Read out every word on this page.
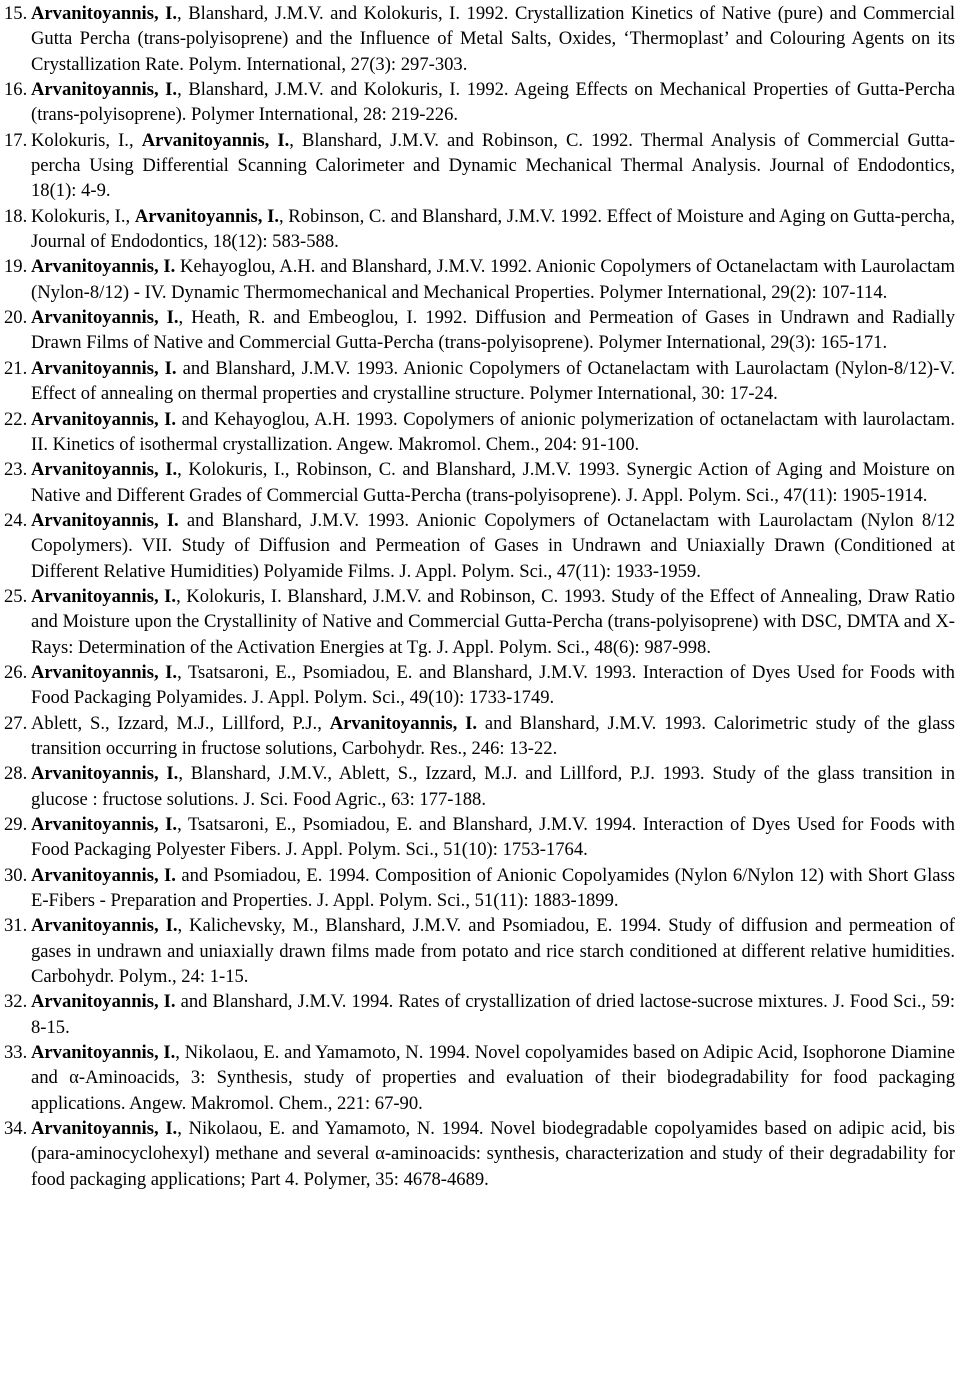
15. Arvanitoyannis, I., Blanshard, J.M.V. and Kolokuris, I. 1992. Crystallization Kinetics of Native (pure) and Commercial Gutta Percha (trans-polyisoprene) and the Influence of Metal Salts, Oxides, ‘Thermoplast’ and Colouring Agents on its Crystallization Rate. Polym. International, 27(3): 297-303.
16. Arvanitoyannis, I., Blanshard, J.M.V. and Kolokuris, I. 1992. Ageing Effects on Mechanical Properties of Gutta-Percha (trans-polyisoprene). Polymer International, 28: 219-226.
17. Kolokuris, I., Arvanitoyannis, I., Blanshard, J.M.V. and Robinson, C. 1992. Thermal Analysis of Commercial Gutta-percha Using Differential Scanning Calorimeter and Dynamic Mechanical Thermal Analysis. Journal of Endodontics, 18(1): 4-9.
18. Kolokuris, I., Arvanitoyannis, I., Robinson, C. and Blanshard, J.M.V. 1992. Effect of Moisture and Aging on Gutta-percha, Journal of Endodontics, 18(12): 583-588.
19. Arvanitoyannis, I. Kehayoglou, A.H. and Blanshard, J.M.V. 1992. Anionic Copolymers of Octanelactam with Laurolactam (Nylon-8/12) - IV. Dynamic Thermomechanical and Mechanical Properties. Polymer International, 29(2): 107-114.
20. Arvanitoyannis, I., Heath, R. and Embeoglou, I. 1992. Diffusion and Permeation of Gases in Undrawn and Radially Drawn Films of Native and Commercial Gutta-Percha (trans-polyisoprene). Polymer International, 29(3): 165-171.
21. Arvanitoyannis, I. and Blanshard, J.M.V. 1993. Anionic Copolymers of Octanelactam with Laurolactam (Nylon-8/12)-V. Effect of annealing on thermal properties and crystalline structure. Polymer International, 30: 17-24.
22. Arvanitoyannis, I. and Kehayoglou, A.H. 1993. Copolymers of anionic polymerization of octanelactam with laurolactam. II. Kinetics of isothermal crystallization. Angew. Makromol. Chem., 204: 91-100.
23. Arvanitoyannis, I., Kolokuris, I., Robinson, C. and Blanshard, J.M.V. 1993. Synergic Action of Aging and Moisture on Native and Different Grades of Commercial Gutta-Percha (trans-polyisoprene). J. Appl. Polym. Sci., 47(11): 1905-1914.
24. Arvanitoyannis, I. and Blanshard, J.M.V. 1993. Anionic Copolymers of Octanelactam with Laurolactam (Nylon 8/12 Copolymers). VII. Study of Diffusion and Permeation of Gases in Undrawn and Uniaxially Drawn (Conditioned at Different Relative Humidities) Polyamide Films. J. Appl. Polym. Sci., 47(11): 1933-1959.
25. Arvanitoyannis, I., Kolokuris, I. Blanshard, J.M.V. and Robinson, C. 1993. Study of the Effect of Annealing, Draw Ratio and Moisture upon the Crystallinity of Native and Commercial Gutta-Percha (trans-polyisoprene) with DSC, DMTA and X-Rays: Determination of the Activation Energies at Tg. J. Appl. Polym. Sci., 48(6): 987-998.
26. Arvanitoyannis, I., Tsatsaroni, E., Psomiadou, E. and Blanshard, J.M.V. 1993. Interaction of Dyes Used for Foods with Food Packaging Polyamides. J. Appl. Polym. Sci., 49(10): 1733-1749.
27. Ablett, S., Izzard, M.J., Lillford, P.J., Arvanitoyannis, I. and Blanshard, J.M.V. 1993. Calorimetric study of the glass transition occurring in fructose solutions, Carbohydr. Res., 246: 13-22.
28. Arvanitoyannis, I., Blanshard, J.M.V., Ablett, S., Izzard, M.J. and Lillford, P.J. 1993. Study of the glass transition in glucose : fructose solutions. J. Sci. Food Agric., 63: 177-188.
29. Arvanitoyannis, I., Tsatsaroni, E., Psomiadou, E. and Blanshard, J.M.V. 1994. Interaction of Dyes Used for Foods with Food Packaging Polyester Fibers. J. Appl. Polym. Sci., 51(10): 1753-1764.
30. Arvanitoyannis, I. and Psomiadou, E. 1994. Composition of Anionic Copolyamides (Nylon 6/Nylon 12) with Short Glass E-Fibers - Preparation and Properties. J. Appl. Polym. Sci., 51(11): 1883-1899.
31. Arvanitoyannis, I., Kalichevsky, M., Blanshard, J.M.V. and Psomiadou, E. 1994. Study of diffusion and permeation of gases in undrawn and uniaxially drawn films made from potato and rice starch conditioned at different relative humidities. Carbohydr. Polym., 24: 1-15.
32. Arvanitoyannis, I. and Blanshard, J.M.V. 1994. Rates of crystallization of dried lactose-sucrose mixtures. J. Food Sci., 59: 8-15.
33. Arvanitoyannis, I., Nikolaou, E. and Yamamoto, N. 1994. Novel copolyamides based on Adipic Acid, Isophorone Diamine and α-Aminoacids, 3: Synthesis, study of properties and evaluation of their biodegradability for food packaging applications. Angew. Makromol. Chem., 221: 67-90.
34. Arvanitoyannis, I., Nikolaou, E. and Yamamoto, N. 1994. Novel biodegradable copolyamides based on adipic acid, bis (para-aminocyclohexyl) methane and several α-aminoacids: synthesis, characterization and study of their degradability for food packaging applications; Part 4. Polymer, 35: 4678-4689.
